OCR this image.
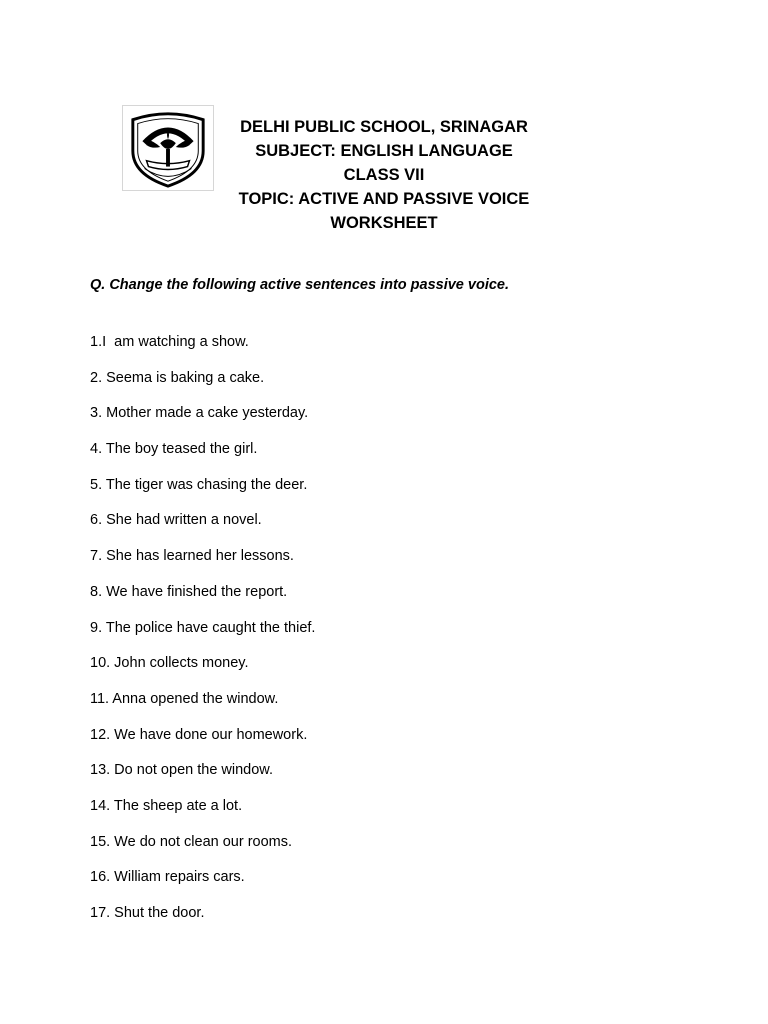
DELHI PUBLIC SCHOOL, SRINAGAR
SUBJECT: ENGLISH LANGUAGE
CLASS VII
TOPIC: ACTIVE AND PASSIVE VOICE
WORKSHEET
Q. Change the following active sentences into passive voice.
1.I  am watching a show.
2. Seema is baking a cake.
3. Mother made a cake yesterday.
4. The boy teased the girl.
5. The tiger was chasing the deer.
6. She had written a novel.
7. She has learned her lessons.
8. We have finished the report.
9. The police have caught the thief.
10. John collects money.
11. Anna opened the window.
12. We have done our homework.
13. Do not open the window.
14. The sheep ate a lot.
15. We do not clean our rooms.
16. William repairs cars.
17. Shut the door.
